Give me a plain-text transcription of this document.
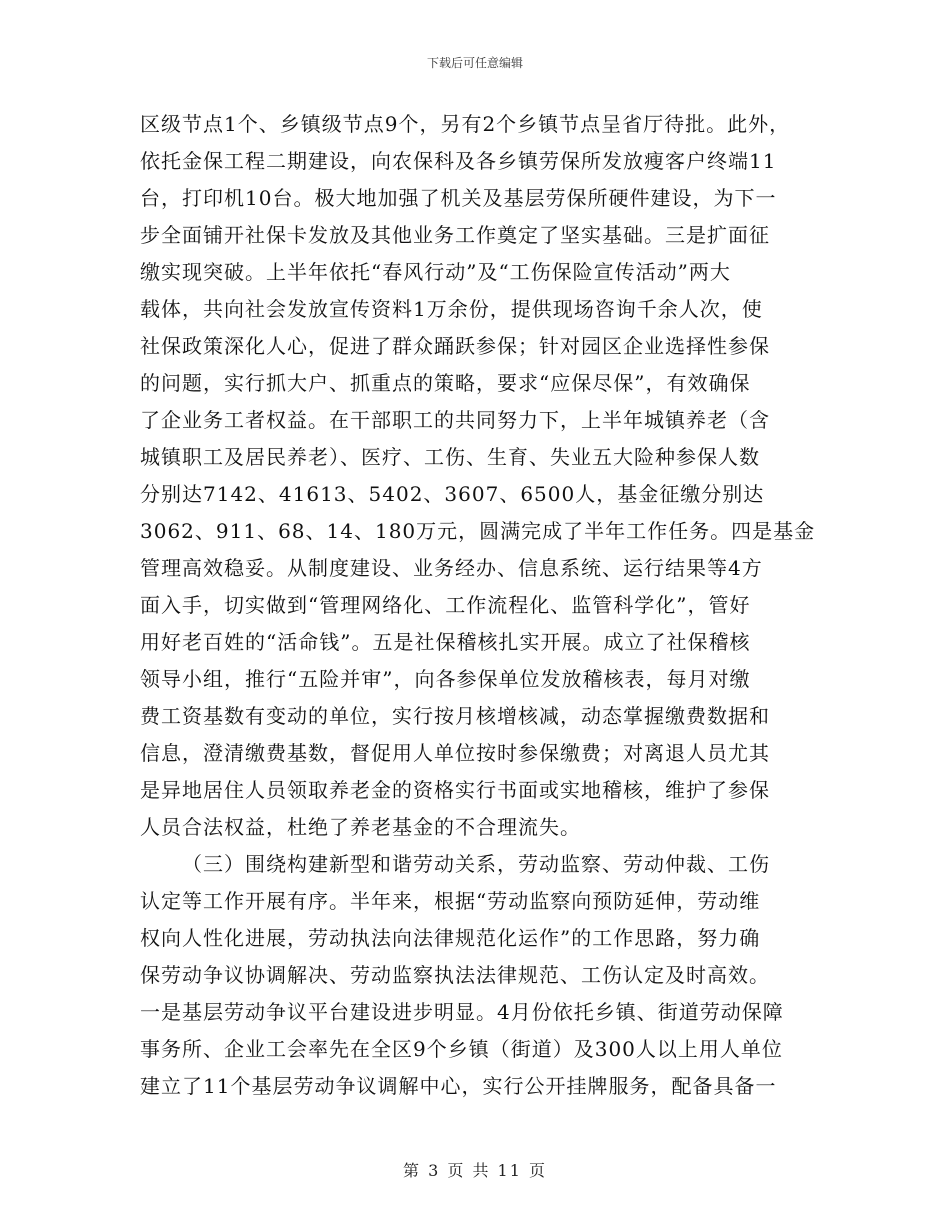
下载后可任意编辑
区级节点1个、乡镇级节点9个，另有2个乡镇节点呈省厅待批。此外，
依托金保工程二期建设，向农保科及各乡镇劳保所发放瘦客户终端11
台，打印机10台。极大地加强了机关及基层劳保所硬件建设，为下一
步全面铺开社保卡发放及其他业务工作奠定了坚实基础。三是扩面征
缴实现突破。上半年依托“春风行动”及“工伤保险宣传活动”两大
载体，共向社会发放宣传资料1万余份，提供现场咨询千余人次，使
社保政策深化人心，促进了群众踊跃参保；针对园区企业选择性参保
的问题，实行抓大户、抓重点的策略，要求“应保尽保”，有效确保
了企业务工者权益。在干部职工的共同努力下，上半年城镇养老（含
城镇职工及居民养老）、医疗、工伤、生育、失业五大险种参保人数
分别达7142、41613、5402、3607、6500人，基金征缴分别达
3062、911、68、14、180万元，圆满完成了半年工作任务。四是基金
管理高效稳妥。从制度建设、业务经办、信息系统、运行结果等4方
面入手，切实做到“管理网络化、工作流程化、监管科学化”，管好
用好老百姓的“活命钱”。五是社保稽核扎实开展。成立了社保稽核
领导小组，推行“五险并审”，向各参保单位发放稽核表，每月对缴
费工资基数有变动的单位，实行按月核增核减，动态掌握缴费数据和
信息，澄清缴费基数，督促用人单位按时参保缴费；对离退人员尤其
是异地居住人员领取养老金的资格实行书面或实地稽核，维护了参保
人员合法权益，杜绝了养老基金的不合理流失。
（三）围绕构建新型和谐劳动关系，劳动监察、劳动仲裁、工伤
认定等工作开展有序。半年来，根据“劳动监察向预防延伸，劳动维
权向人性化进展，劳动执法向法律规范化运作”的工作思路，努力确
保劳动争议协调解决、劳动监察执法法律规范、工伤认定及时高效。
一是基层劳动争议平台建设进步明显。4月份依托乡镇、街道劳动保障
事务所、企业工会率先在全区9个乡镇（街道）及300人以上用人单位
建立了11个基层劳动争议调解中心，实行公开挂牌服务，配备具备一
第 3 页 共 11 页
